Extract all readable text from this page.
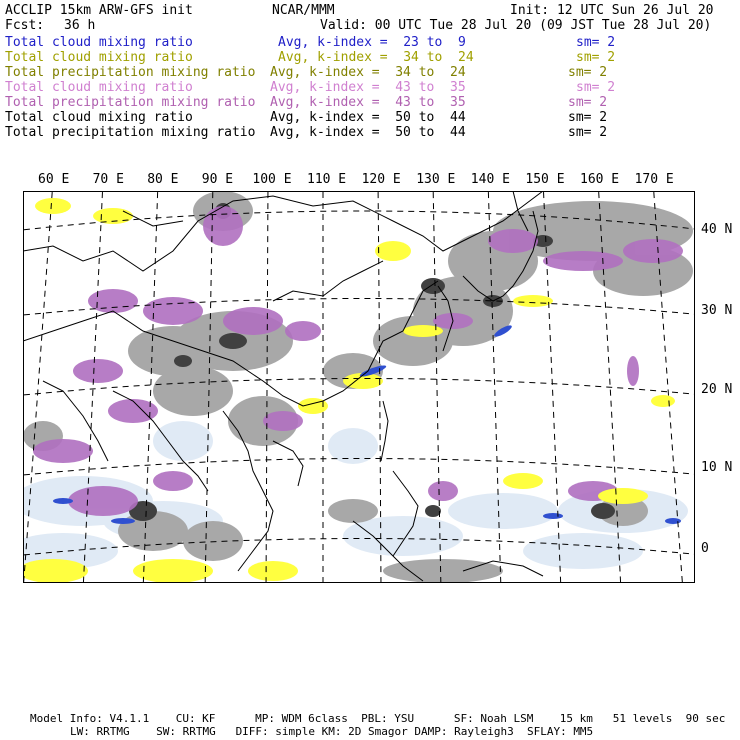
ACCLIP 15km ARW-GFS init	NCAR/MMM	Init: 12 UTC Sun 26 Jul 20
Fcst: 36 h	Valid: 00 UTC Tue 28 Jul 20 (09 JST Tue 28 Jul 20)
Total cloud mixing ratio	Avg, k-index =  23 to  9	sm= 2
Total cloud mixing ratio	Avg, k-index =  34 to  24	sm= 2
Total precipitation mixing ratio Avg, k-index =  34 to  24	sm= 2
Total cloud mixing ratio	Avg, k-index =  43 to  35	sm= 2
Total precipitation mixing ratio Avg, k-index =  43 to  35	sm= 2
Total cloud mixing ratio	Avg, k-index =  50 to  44	sm= 2
Total precipitation mixing ratio Avg, k-index =  50 to  44	sm= 2
60 E 70 E 80 E 90 E 100 E 110 E 120 E 130 E 140 E 150 E 160 E 170 E
40 N
30 N
20 N
10 N
0
Model Info: V4.1.1    CU: KF      MP: WDM 6class  PBL: YSU      SF: Noah LSM    15 km   51 levels  90 sec
LW: RRTMG    SW: RRTMG   DIFF: simple KM: 2D Smagor DAMP: Rayleigh3  SFLAY: MM5
